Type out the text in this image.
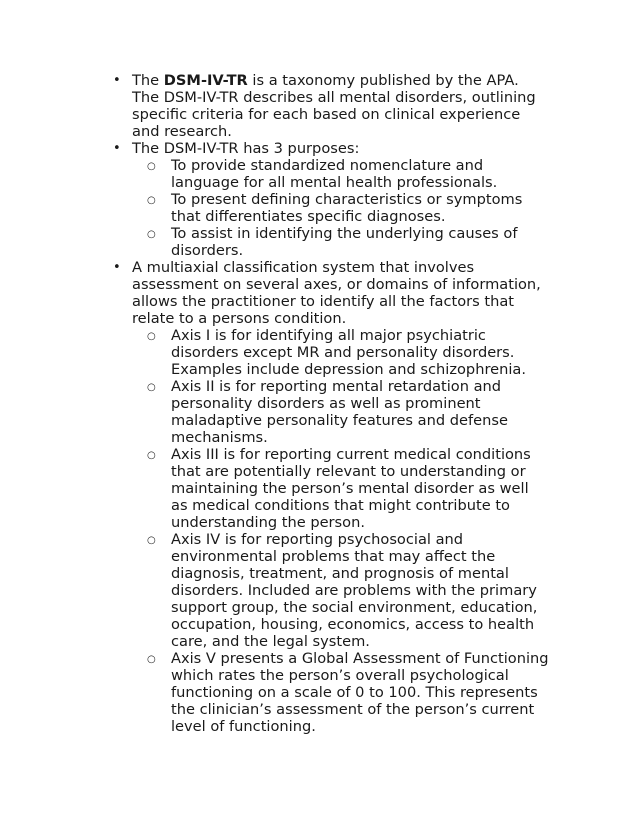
• The DSM-IV-TR is a taxonomy published by the APA. The DSM-IV-TR describes all mental disorders, outlining specific criteria for each based on clinical experience and research.
• The DSM-IV-TR has 3 purposes:
○ To provide standardized nomenclature and language for all mental health professionals.
○ To present defining characteristics or symptoms that differentiates specific diagnoses.
○ To assist in identifying the underlying causes of disorders.
• A multiaxial classification system that involves assessment on several axes, or domains of information, allows the practitioner to identify all the factors that relate to a persons condition.
○ Axis I is for identifying all major psychiatric disorders except MR and personality disorders. Examples include depression and schizophrenia.
○ Axis II is for reporting mental retardation and personality disorders as well as prominent maladaptive personality features and defense mechanisms.
○ Axis III is for reporting current medical conditions that are potentially relevant to understanding or maintaining the person’s mental disorder as well as medical conditions that might contribute to understanding the person.
○ Axis IV is for reporting psychosocial and environmental problems that may affect the diagnosis, treatment, and prognosis of mental disorders. Included are problems with the primary support group, the social environment, education, occupation, housing, economics, access to health care, and the legal system.
○ Axis V presents a Global Assessment of Functioning which rates the person’s overall psychological functioning on a scale of 0 to 100. This represents the clinician’s assessment of the person’s current level of functioning.
